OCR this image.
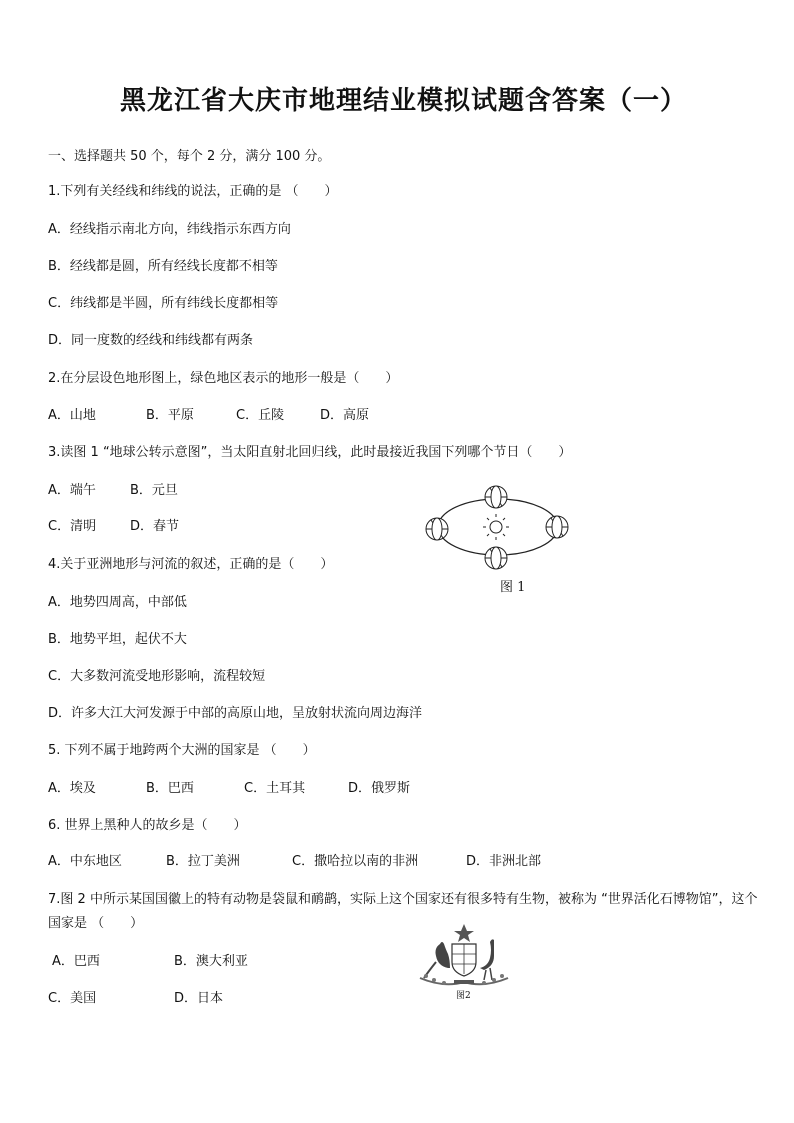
黑龙江省大庆市地理结业模拟试题含答案（一）
一、选择题共 50 个，每个 2 分，满分 100 分。
1.下列有关经线和纬线的说法，正确的是 （　　）
A．经线指示南北方向，纬线指示东西方向
B．经线都是圆，所有经线长度都不相等
C．纬线都是半圆，所有纬线长度都相等
D．同一度数的经线和纬线都有两条
2.在分层设色地形图上，绿色地区表示的地形一般是（　　）
A．山地	B．平原	C．丘陵	D．高原
3.读图 1 “地球公转示意图”，当太阳直射北回归线，此时最接近我国下列哪个节日（　　）
A．端午	B．元旦
C．清明	D．春节
图 1
4.关于亚洲地形与河流的叙述，正确的是（　　）
A．地势四周高，中部低
B．地势平坦，起伏不大
C．大多数河流受地形影响，流程较短
D．许多大江大河发源于中部的高原山地，呈放射状流向周边海洋
5. 下列不属于地跨两个大洲的国家是 （　　）
A．埃及	B．巴西	C．土耳其	D．俄罗斯
6. 世界上黑种人的故乡是（　　）
A．中东地区	B．拉丁美洲	C．撒哈拉以南的非洲	D．非洲北部
7.图 2 中所示某国国徽上的特有动物是袋鼠和鸸鹋，实际上这个国家还有很多特有生物，被称为 “世界活化石博物馆”，这个国家是 （　　）
A．巴西	B．澳大利亚
C．美国	D．日本	图2
